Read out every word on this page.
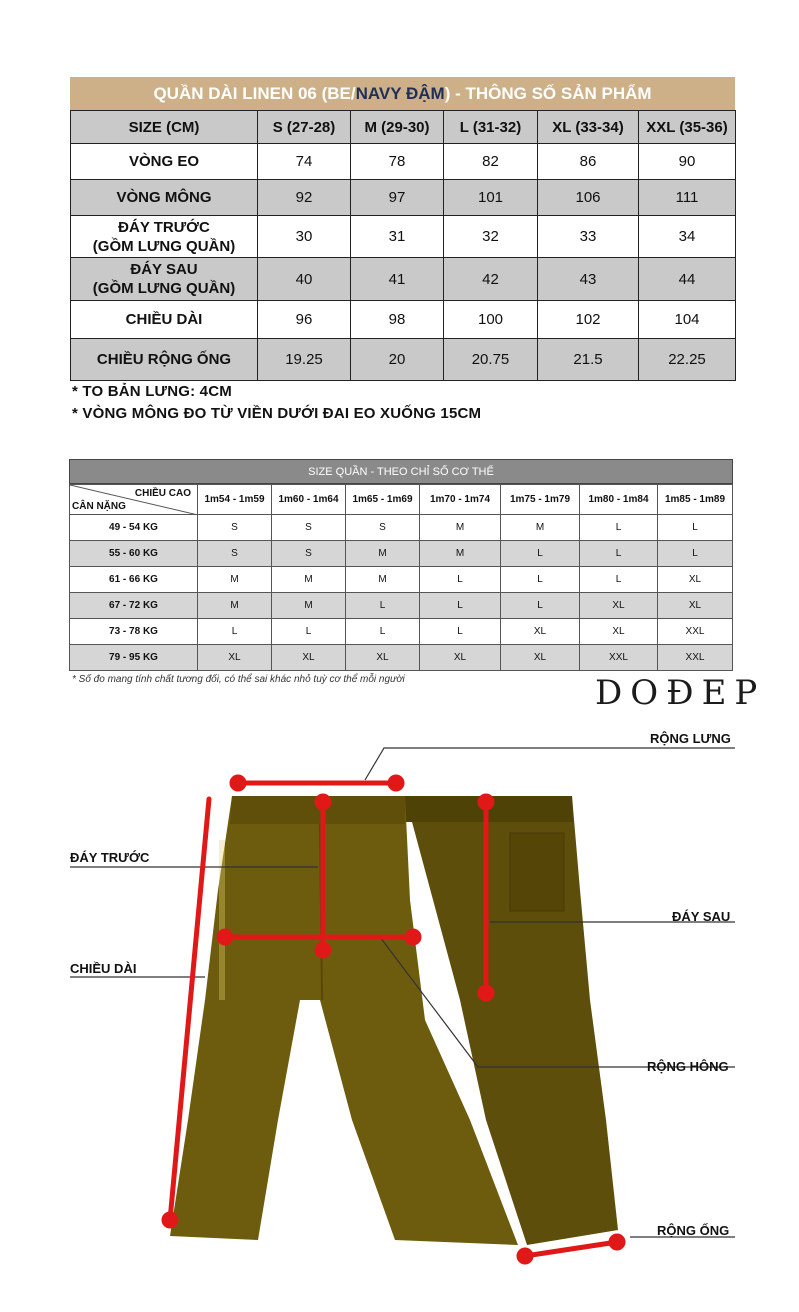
QUẦN DÀI LINEN 06 (BE/NAVY ĐẬM) - THÔNG SỐ SẢN PHẨM
SIZE (CM)	S (27-28)	M (29-30)	L (31-32)	XL (33-34)	XXL (35-36)

VÒNG EO	74	78	82	86	90

VÒNG MÔNG	92	97	101	106	111

ĐÁY TRƯỚC
(GỒM LƯNG QUẦN)	30	31	32	33	34

ĐÁY SAU
(GỒM LƯNG QUẦN)	40	41	42	43	44

CHIỀU DÀI	96	98	100	102	104

CHIỀU RỘNG ỐNG	19.25	20	20.75	21.5	22.25
* TO BẢN LƯNG: 4CM
* VÒNG MÔNG ĐO TỪ VIỀN DƯỚI ĐAI EO XUỐNG 15CM
SIZE QUẦN - THEO CHỈ SỐ CƠ THỂ
CHIỀU CAO
CÂN NẶNG	1m54 - 1m59	1m60 - 1m64	1m65 - 1m69	1m70 - 1m74	1m75 - 1m79	1m80 - 1m84	1m85 - 1m89
49 - 54 KG	S	S	S	M	M	L	L
55 - 60 KG	S	S	M	M	L	L	L
61 - 66 KG	M	M	M	L	L	L	XL
67 - 72 KG	M	M	L	L	L	XL	XL
73 - 78 KG	L	L	L	L	XL	XL	XXL
79 - 95 KG	XL	XL	XL	XL	XL	XXL	XXL
* Số đo mang tính chất tương đối, có thể sai khác nhỏ tuỳ cơ thể mỗi người	DOĐEP
RỘNG LƯNG
ĐÁY TRƯỚC
ĐÁY SAU
CHIỀU DÀI
RỘNG HÔNG
RỘNG ỐNG
